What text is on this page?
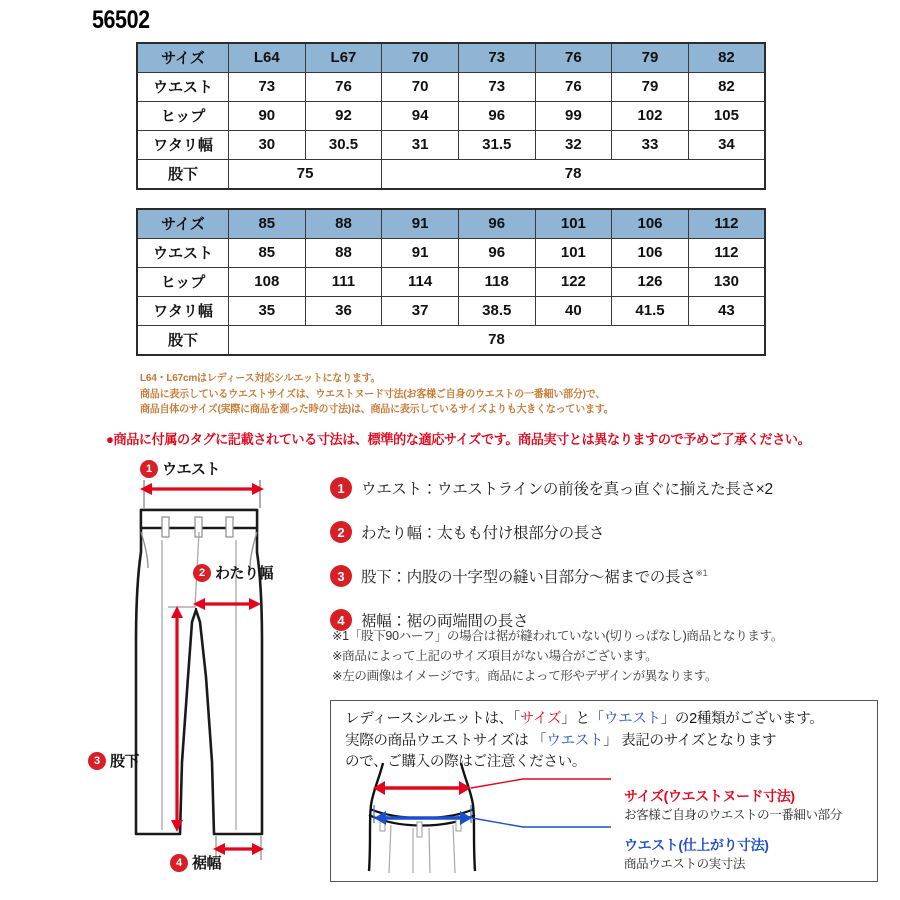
56502
サイズ	L64	L67	70	73	76	79	82
ウエスト	73	76	70	73	76	79	82
ヒップ	90	92	94	96	99	102	105
ワタリ幅	30	30.5	31	31.5	32	33	34
股下	75		78				
サイズ	85	88	91	96	101	106	112
ウエスト	85	88	91	96	101	106	112
ヒップ	108	111	114	118	122	126	130
ワタリ幅	35	36	37	38.5	40	41.5	43
股下	78						
L64・L67cmはレディース対応シルエットになります。
商品に表示しているウエストサイズは、ウエストヌード寸法(お客様ご自身のウエストの一番細い部分)で、
商品自体のサイズ(実際に商品を測った時の寸法)は、商品に表示しているサイズよりも大きくなっています。
●商品に付属のタグに記載されている寸法は、標準的な適応サイズです。商品実寸とは異なりますので予めご了承ください。
1 ウエスト
2 わたり幅
3 股下
4 裾幅
1	ウエスト：ウエストラインの前後を真っ直ぐに揃えた長さ×2
2	わたり幅：太もも付け根部分の長さ
3	股下：内股の十字型の縫い目部分～裾までの長さ$^{※1}$
4	裾幅：裾の両端間の長さ
※1「股下90ハーフ」の場合は裾が縫われていない(切りっぱなし)商品となります。
※商品によって上記のサイズ項目がない場合がございます。
※左の画像はイメージです。商品によって形やデザインが異なります。
レディースシルエットは、「サイズ」と「ウエスト」の2種類がございます。
実際の商品ウエストサイズは 「ウエスト」 表記のサイズとなります
ので、ご購入の際はご注意ください。
サイズ(ウエストヌード寸法)
お客様ご自身のウエストの一番細い部分
ウエスト(仕上がり寸法)
商品ウエストの実寸法
